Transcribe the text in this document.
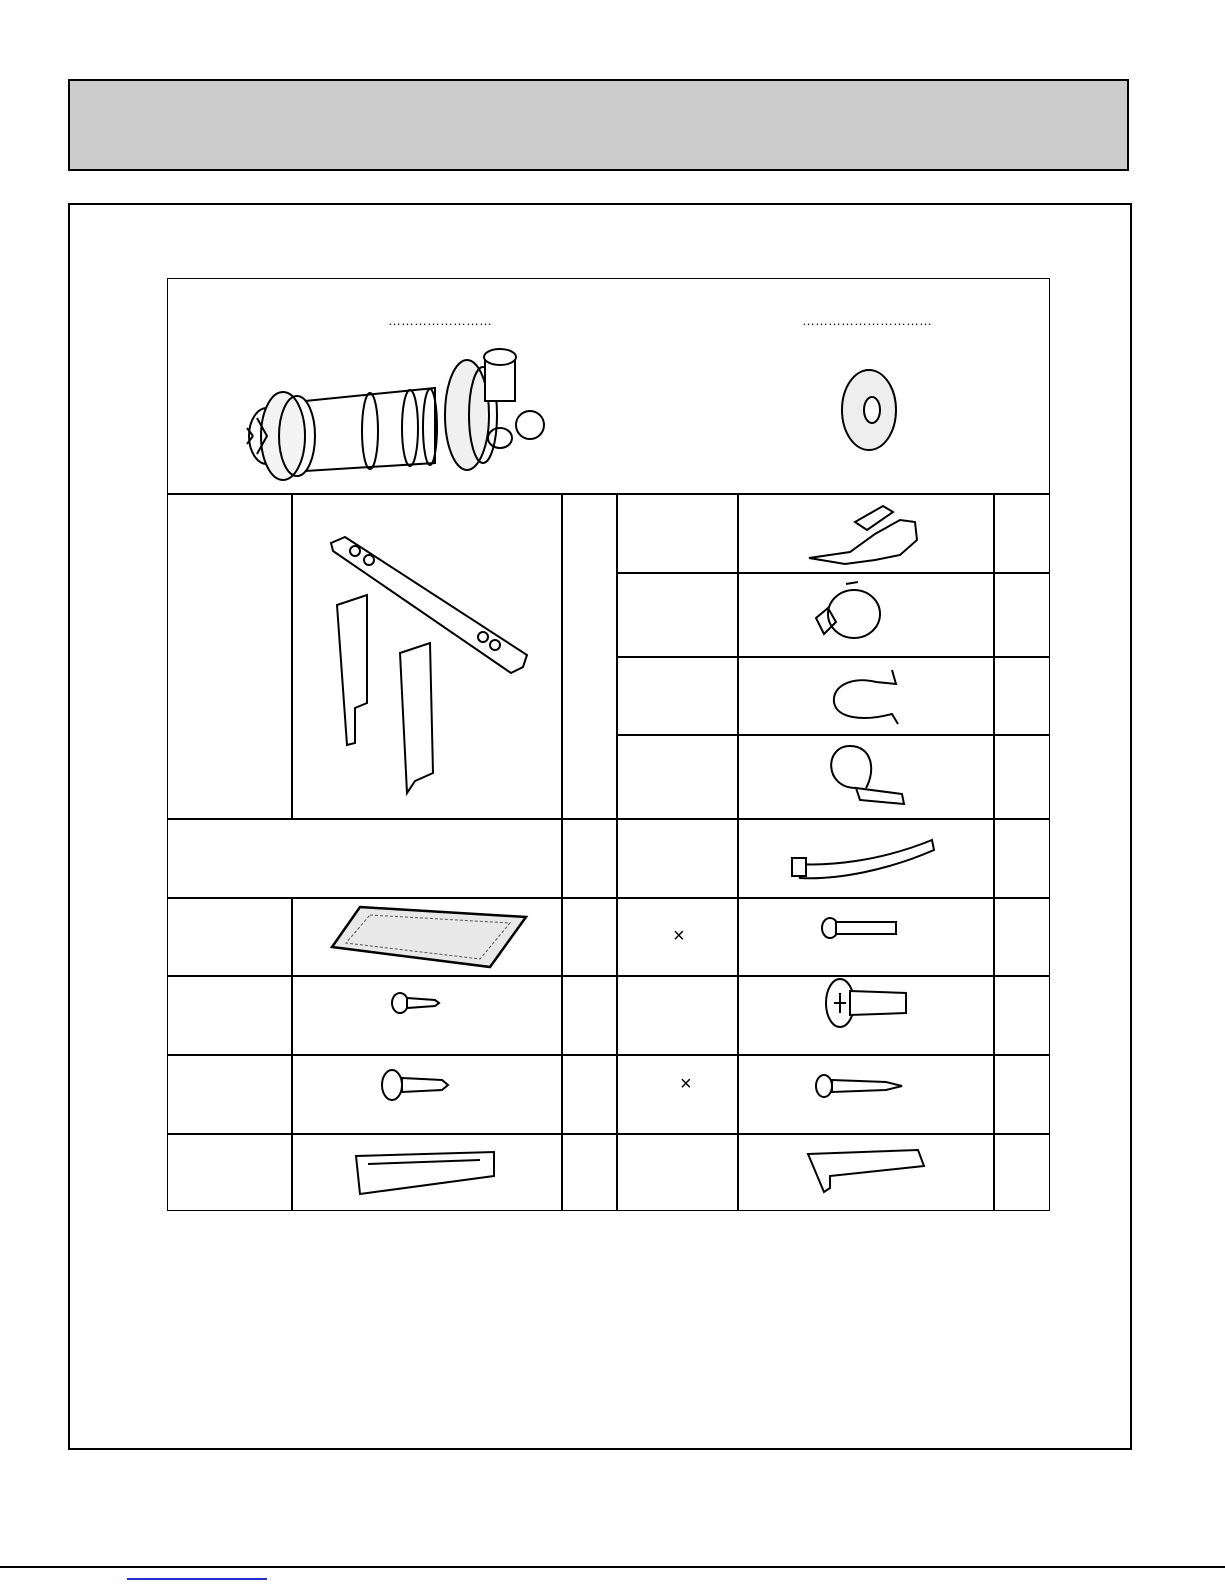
……………………	…………………………
×
×
